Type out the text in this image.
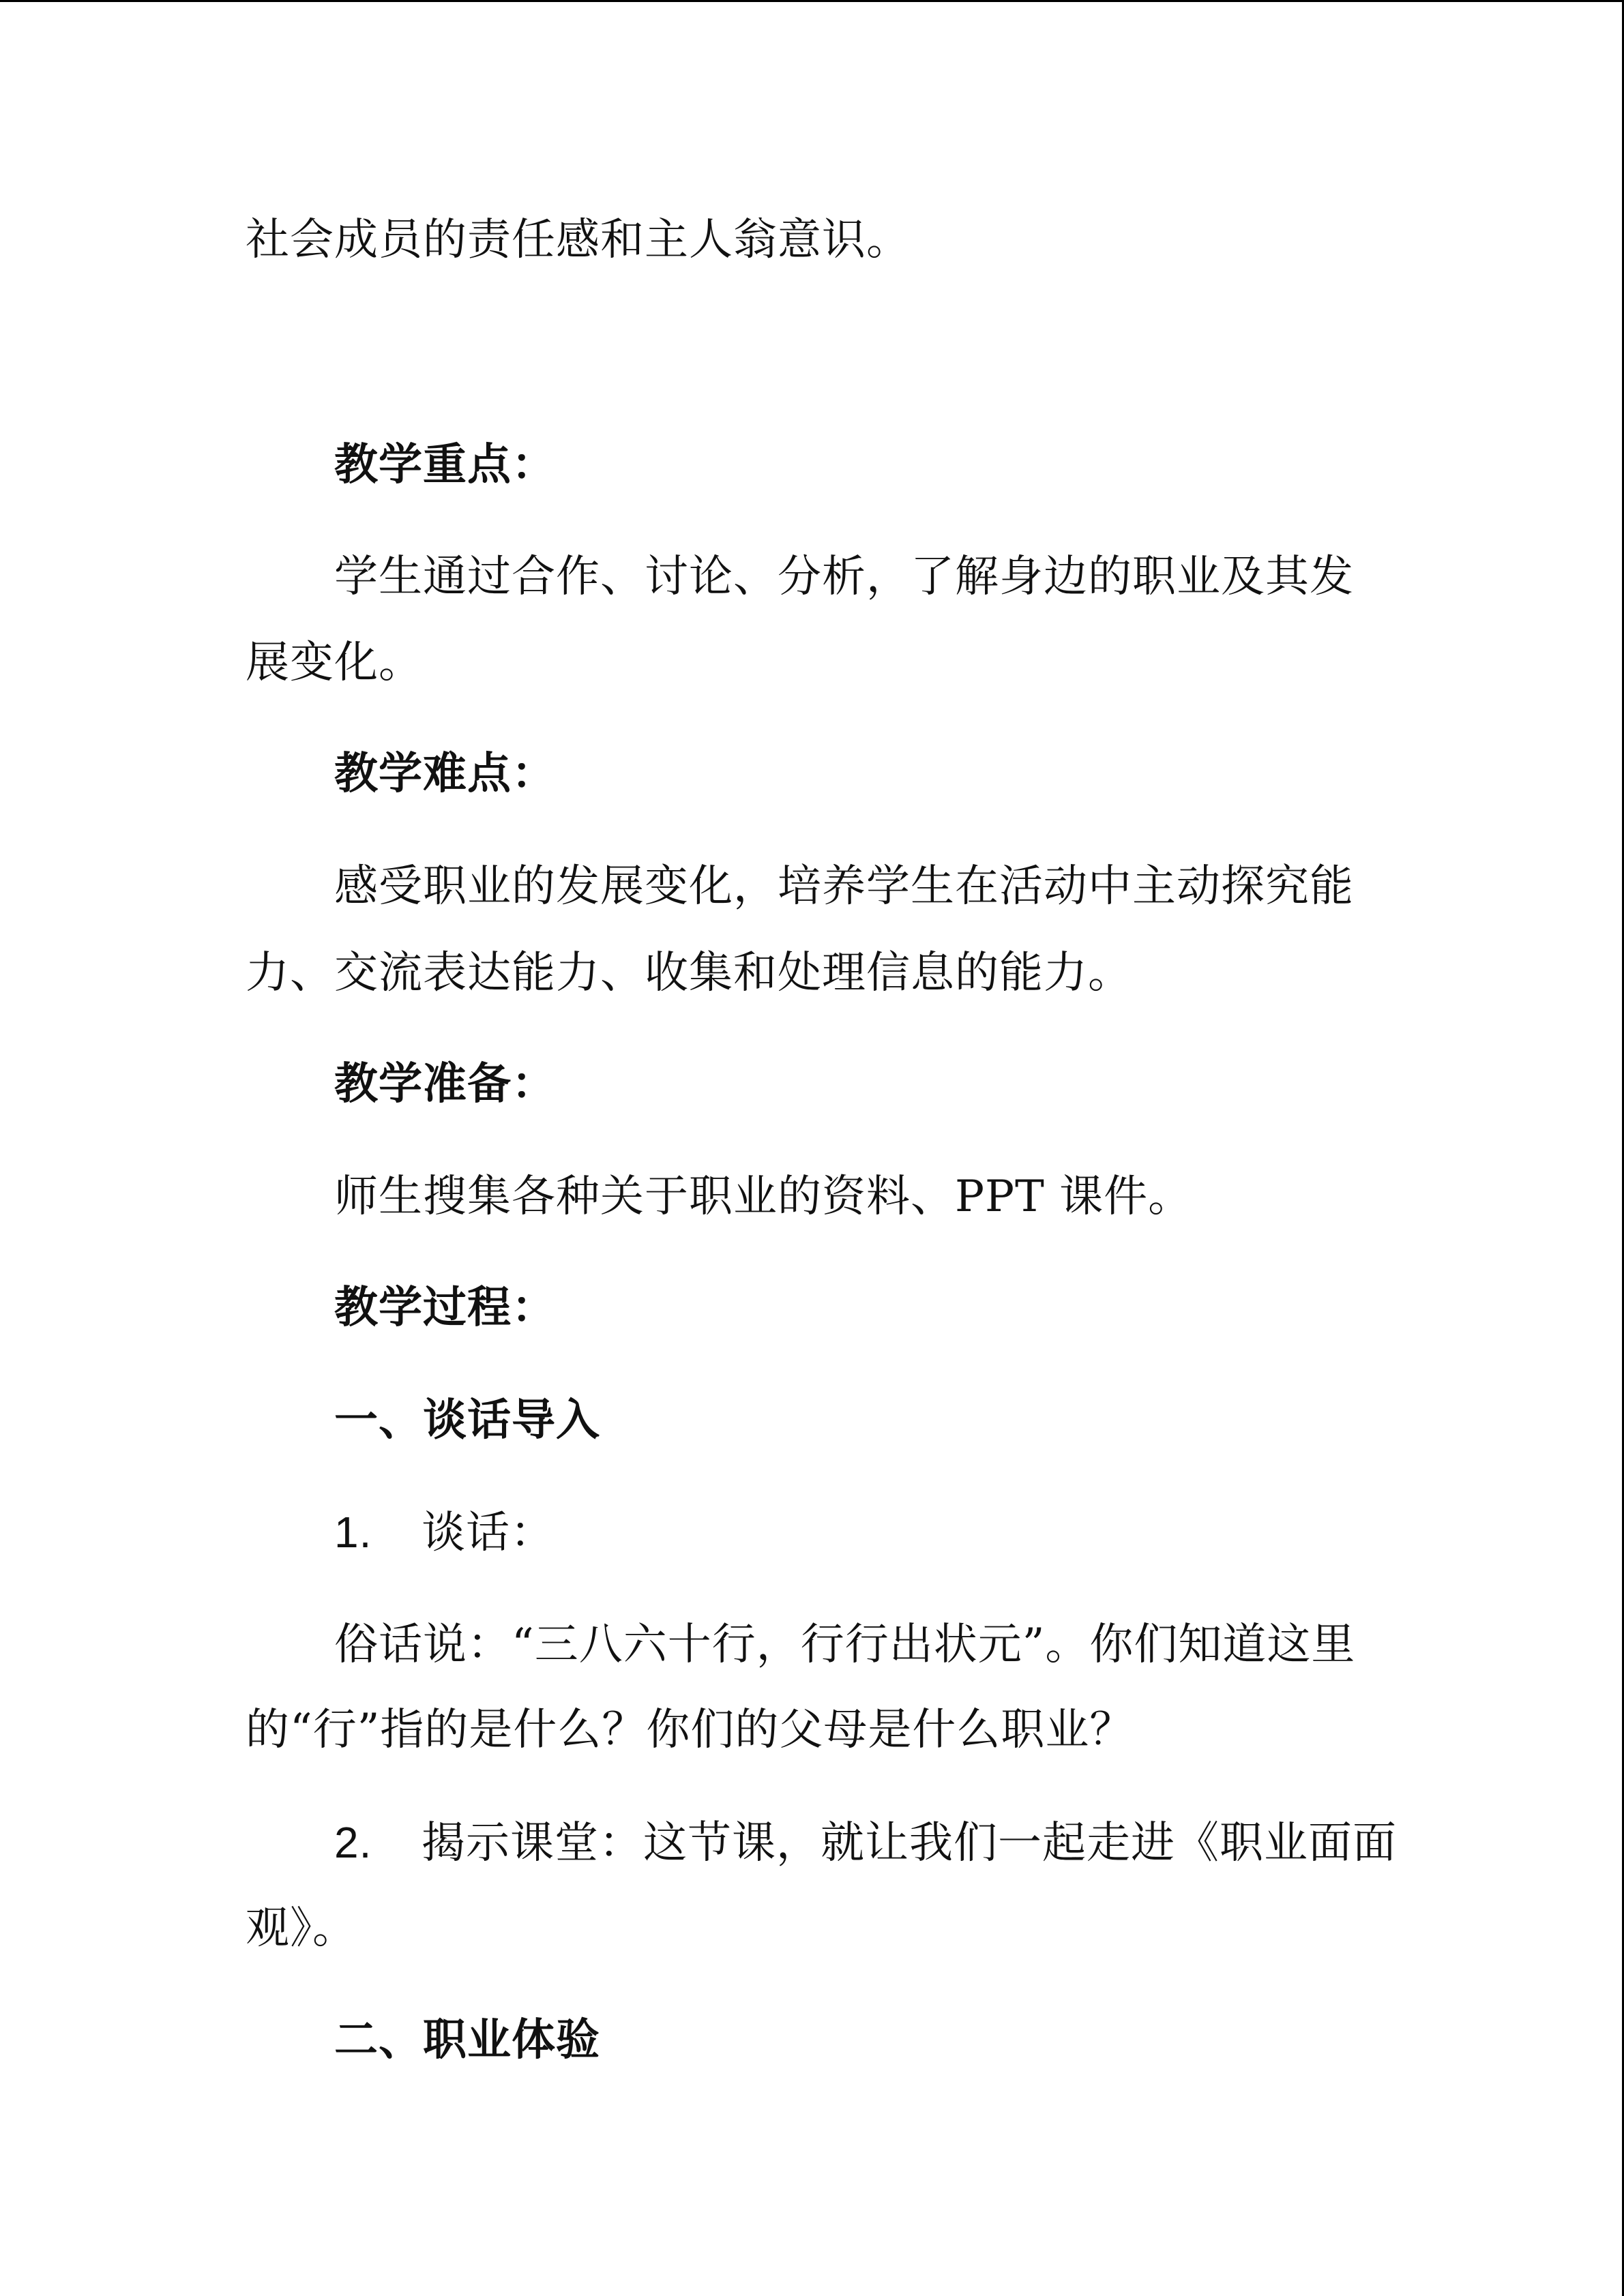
社会成员的责任感和主人翁意识。
教学重点：
学生通过合作、讨论、分析，了解身边的职业及其发
展变化。
教学难点：
感受职业的发展变化，培养学生在活动中主动探究能
力、交流表达能力、收集和处理信息的能力。
教学准备：
师生搜集各种关于职业的资料、PPT 课件。
教学过程：
一、谈话导入
1. 谈话：
俗话说：“三八六十行，行行出状元”。你们知道这里
的“行”指的是什么？你们的父母是什么职业？
2. 揭示课堂：这节课，就让我们一起走进《职业面面
观》。
二、职业体验
